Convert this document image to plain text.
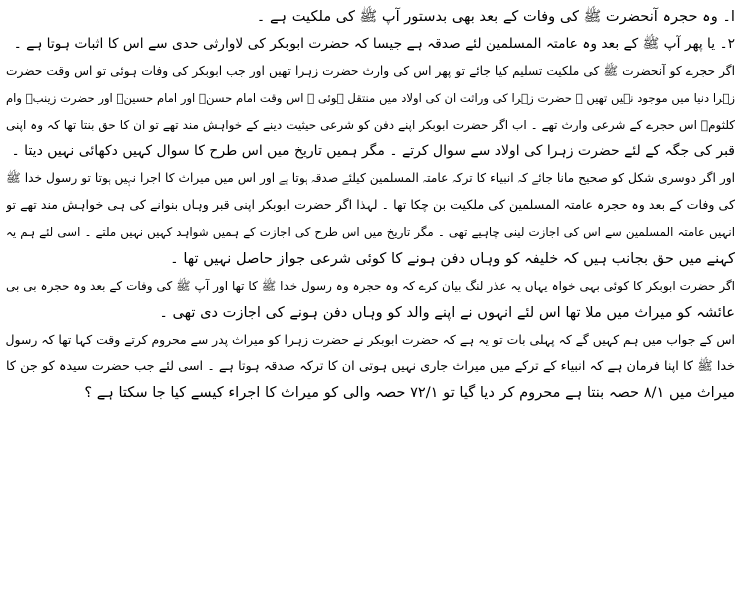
ا۔ وہ حجرہ آنحضرت ﷺ کی وفات کے بعد بھی بدستور آپ ﷺ کی ملکیت ہے ۔
۲۔ یا پھر آپ ﷺ کے بعد وہ عامتہ المسلمین لئے صدقہ ہے جیسا کہ حضرت ابوبکر کی لاوارثی حدی سے اس کا اثبات ہوتا ہے ۔
اگر حجرے کو آنحضرت ﷺ کی ملکیت تسلیم کیا جائے تو پھر اس کی وارث حضرت زہرا تھیں اور جب ابوبکر کی وفات ہوئی تو اس وقت حضرت
زہرا دنیا میں موجود نہیں تھیں ۔ حضرت زہرا کی وراثت ان کی اولاد میں منتقل ہوئی ۔ اس وقت امام حسنؑ اور امام حسینؑ اور حضرت زینبؑ وام
کلثومؑ اس حجرے کے شرعی وارث تھے ۔ اب اگر حضرت ابوبکر اپنے دفن کو شرعی حیثیت دینے کے خواہش مند تھے تو ان کا حق بنتا تھا کہ وہ اپنی
قبر کی جگہ کے لئے حضرت زہرا کی اولاد سے سوال کرتے ۔ مگر ہمیں تاریخ میں اس طرح کا سوال کہیں دکھائی نہیں دیتا ۔
اور اگر دوسری شکل کو صحیح مانا جائے کہ انبیاء کا ترکہ عامتہ المسلمین کیلئے صدقہ ہوتا ہے اور اس میں میراث کا اجرا نہیں ہوتا تو رسول خدا ﷺ
کی وفات کے بعد وہ حجرہ عامتہ المسلمین کی ملکیت بن چکا تھا ۔ لہذا اگر حضرت ابوبکر اپنی قبر وہاں بنوانے کی ہی خواہش مند تھے تو
انہیں عامتہ المسلمین سے اس کی اجازت لینی چاہیے تھی ۔ مگر تاریخ میں اس طرح کی اجازت کے ہمیں شواہد کہیں نہیں ملتے ۔ اسی لئے ہم یہ
کہنے میں حق بجانب ہیں کہ خلیفہ کو وہاں دفن ہونے کا کوئی شرعی جواز حاصل نہیں تھا ۔
اگر حضرت ابوبکر کا کوئی بہی خواہ یہاں یہ عذر لنگ بیان کرے کہ وہ حجرہ وہ رسول خدا ﷺ کا تھا اور آپ ﷺ کی وفات کے بعد وہ حجرہ بی بی
عائشہ کو میراث میں ملا تھا اس لئے انہوں نے اپنے والد کو وہاں دفن ہونے کی اجازت دی تھی ۔
اس کے جواب میں ہم کہیں گے کہ پہلی بات تو یہ ہے کہ حضرت ابوبکر نے حضرت زہرا کو میراث پدر سے محروم کرتے وقت کہا تھا کہ رسول
خدا ﷺ کا اپنا فرمان ہے کہ انبیاء کے ترکے میں میراث جاری نہیں ہوتی ان کا ترکہ صدقہ ہوتا ہے ۔ اسی لئے جب حضرت سیدہ کو جن کا
میراث میں ۸/۱ حصہ بنتا ہے محروم کر دیا گیا تو ۷۲/۱ حصہ والی کو میراث کا اجراء کیسے کیا جا سکتا ہے ؟
